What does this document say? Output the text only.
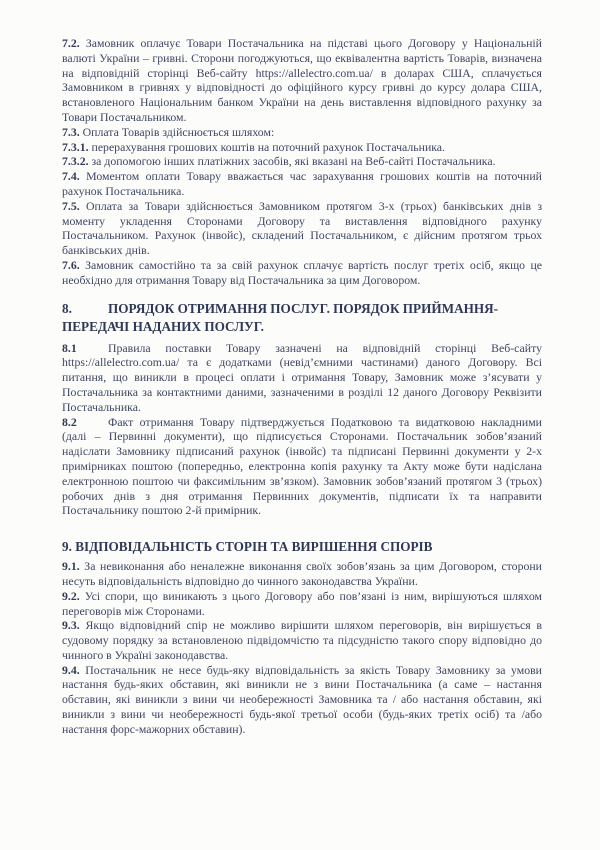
7.2. Замовник оплачує Товари Постачальника на підставі цього Договору у Національній валюті України – гривні. Сторони погоджуються, що еквівалентна вартість Товарів, визначена на відповідній сторінці Веб-сайту https://allelectro.com.ua/ в доларах США, сплачується Замовником в гривнях у відповідності до офіційного курсу гривні до курсу долара США, встановленого Національним банком України на день виставлення відповідного рахунку за Товари Постачальником.

7.3. Оплата Товарів здійснюється шляхом:

7.3.1. перерахування грошових коштів на поточний рахунок Постачальника.

7.3.2. за допомогою інших платіжних засобів, які вказані на Веб-сайті Постачальника.

7.4. Моментом оплати Товару вважається час зарахування грошових коштів на поточний рахунок Постачальника.

7.5. Оплата за Товари здійснюється Замовником протягом 3-х (трьох) банківських днів з моменту укладення Сторонами Договору та виставлення відповідного рахунку Постачальником. Рахунок (інвойс), складений Постачальником, є дійсним протягом трьох банківських днів.

7.6. Замовник самостійно та за свій рахунок сплачує вартість послуг третіх осіб, якщо це необхідно для отримання Товару від Постачальника за цим Договором.

8.	ПОРЯДОК ОТРИМАННЯ ПОСЛУГ. ПОРЯДОК ПРИЙМАННЯ-ПЕРЕДАЧІ НАДАНИХ ПОСЛУГ.

8.1	Правила поставки Товару зазначені на відповідній сторінці Веб-сайту https://allelectro.com.ua/ та є додатками (невід’ємними частинами) даного Договору. Всі питання, що виникли в процесі оплати і отримання Товару, Замовник може з’ясувати у Постачальника за контактними даними, зазначеними в розділі 12 даного Договору Реквізити Постачальника.

8.2	Факт отримання Товару підтверджується Податковою та видатковою накладними (далі – Первинні документи), що підписується Сторонами. Постачальник зобов’язаний надіслати Замовнику підписаний рахунок (інвойс) та підписані Первинні документи у 2-х примірниках поштою (попередньо, електронна копія рахунку та Акту може бути надіслана електронною поштою чи факсимільним зв’язком). Замовник зобов’язаний протягом 3 (трьох) робочих днів з дня отримання Первинних документів, підписати їх та направити Постачальнику поштою 2-й примірник.

9. ВІДПОВІДАЛЬНІСТЬ СТОРІН ТА ВИРІШЕННЯ СПОРІВ

9.1. За невиконання або неналежне виконання своїх зобов’язань за цим Договором, сторони несуть відповідальність відповідно до чинного законодавства України.

9.2. Усі спори, що виникають з цього Договору або пов’язані із ним, вирішуються шляхом переговорів між Сторонами.

9.3. Якщо відповідний спір не можливо вирішити шляхом переговорів, він вирішується в судовому порядку за встановленою підвідомчістю та підсудністю такого спору відповідно до чинного в Україні законодавства.

9.4. Постачальник не несе будь-яку відповідальність за якість Товару Замовнику за умови настання будь-яких обставин, які виникли не з вини Постачальника (а саме – настання обставин, які виникли з вини чи необережності Замовника та / або настання обставин, які виникли з вини чи необережності будь-якої третьої особи (будь-яких третіх осіб) та /або настання форс-мажорних обставин).
